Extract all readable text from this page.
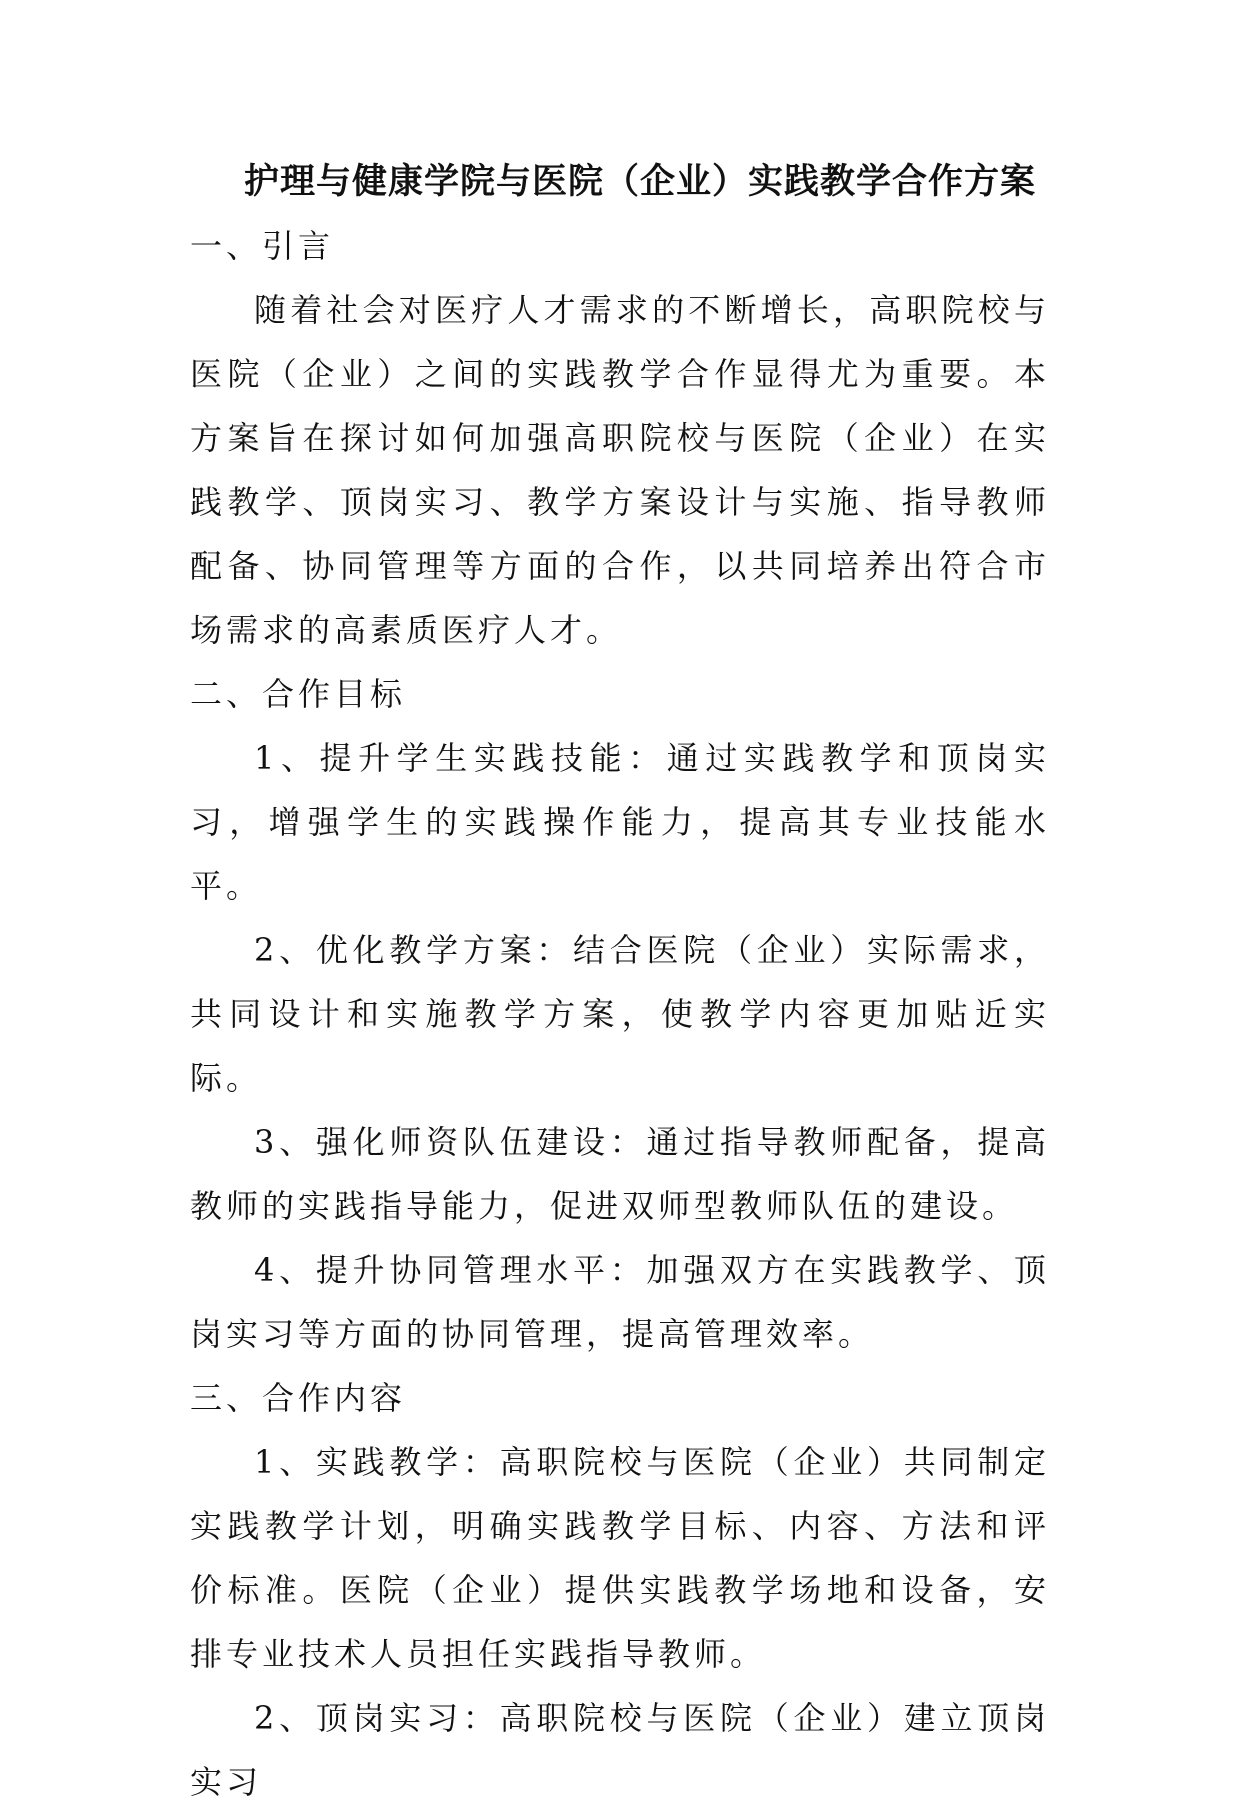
护理与健康学院与医院（企业）实践教学合作方案
一、引言

随着社会对医疗人才需求的不断增长，高职院校与医院（企业）之间的实践教学合作显得尤为重要。本方案旨在探讨如何加强高职院校与医院（企业）在实践教学、顶岗实习、教学方案设计与实施、指导教师配备、协同管理等方面的合作，以共同培养出符合市场需求的高素质医疗人才。

二、合作目标

1、提升学生实践技能：通过实践教学和顶岗实习，增强学生的实践操作能力，提高其专业技能水平。

2、优化教学方案：结合医院（企业）实际需求，共同设计和实施教学方案，使教学内容更加贴近实际。

3、强化师资队伍建设：通过指导教师配备，提高教师的实践指导能力，促进双师型教师队伍的建设。

4、提升协同管理水平：加强双方在实践教学、顶岗实习等方面的协同管理，提高管理效率。

三、合作内容

1、实践教学：高职院校与医院（企业）共同制定实践教学计划，明确实践教学目标、内容、方法和评价标准。医院（企业）提供实践教学场地和设备，安排专业技术人员担任实践指导教师。

2、顶岗实习：高职院校与医院（企业）建立顶岗实习
